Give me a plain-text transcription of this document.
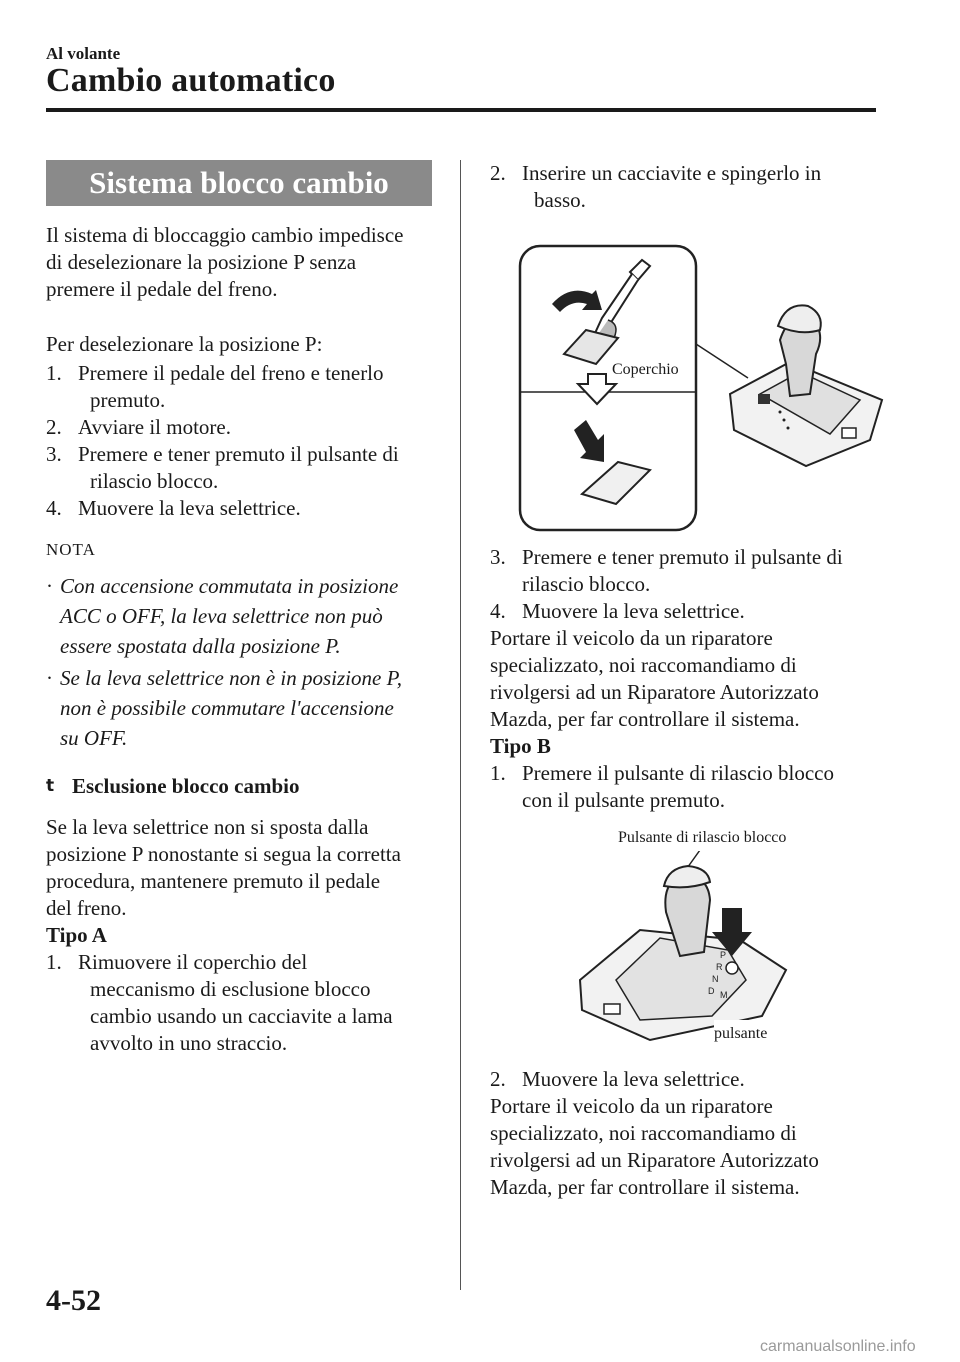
Al volante
Cambio automatico
Sistema blocco cambio

Il sistema di bloccaggio cambio impedisce
di deselezionare la posizione P senza
premere il pedale del freno.

Per deselezionare la posizione P:

1. Premere il pedale del freno e tenerlo
premuto.
2. Avviare il motore.
3. Premere e tener premuto il pulsante di
rilascio blocco.
4. Muovere la leva selettrice.
NOTA
· Con accensione commutata in posizione
ACC o OFF, la leva selettrice non può
essere spostata dalla posizione P.
· Se la leva selettrice non è in posizione P,
non è possibile commutare l'accensione
su OFF.
t Esclusione blocco cambio

Se la leva selettrice non si sposta dalla
posizione P nonostante si segua la corretta
procedura, mantenere premuto il pedale
del freno.

Tipo A

1. Rimuovere il coperchio del
meccanismo di esclusione blocco
cambio usando un cacciavite a lama
avvolto in uno straccio.
2. Inserire un cacciavite e spingerlo in
basso.
Coperchio
3. Premere e tener premuto il pulsante di
rilascio blocco.
4. Muovere la leva selettrice.

Portare il veicolo da un riparatore
specializzato, noi raccomandiamo di
rivolgersi ad un Riparatore Autorizzato
Mazda, per far controllare il sistema.

Tipo B

1. Premere il pulsante di rilascio blocco
con il pulsante premuto.
P
R
N
D M
Pulsante di rilascio blocco
pulsante
2. Muovere la leva selettrice.

Portare il veicolo da un riparatore
specializzato, noi raccomandiamo di
rivolgersi ad un Riparatore Autorizzato
Mazda, per far controllare il sistema.

4-52
carmanualsonline.info
